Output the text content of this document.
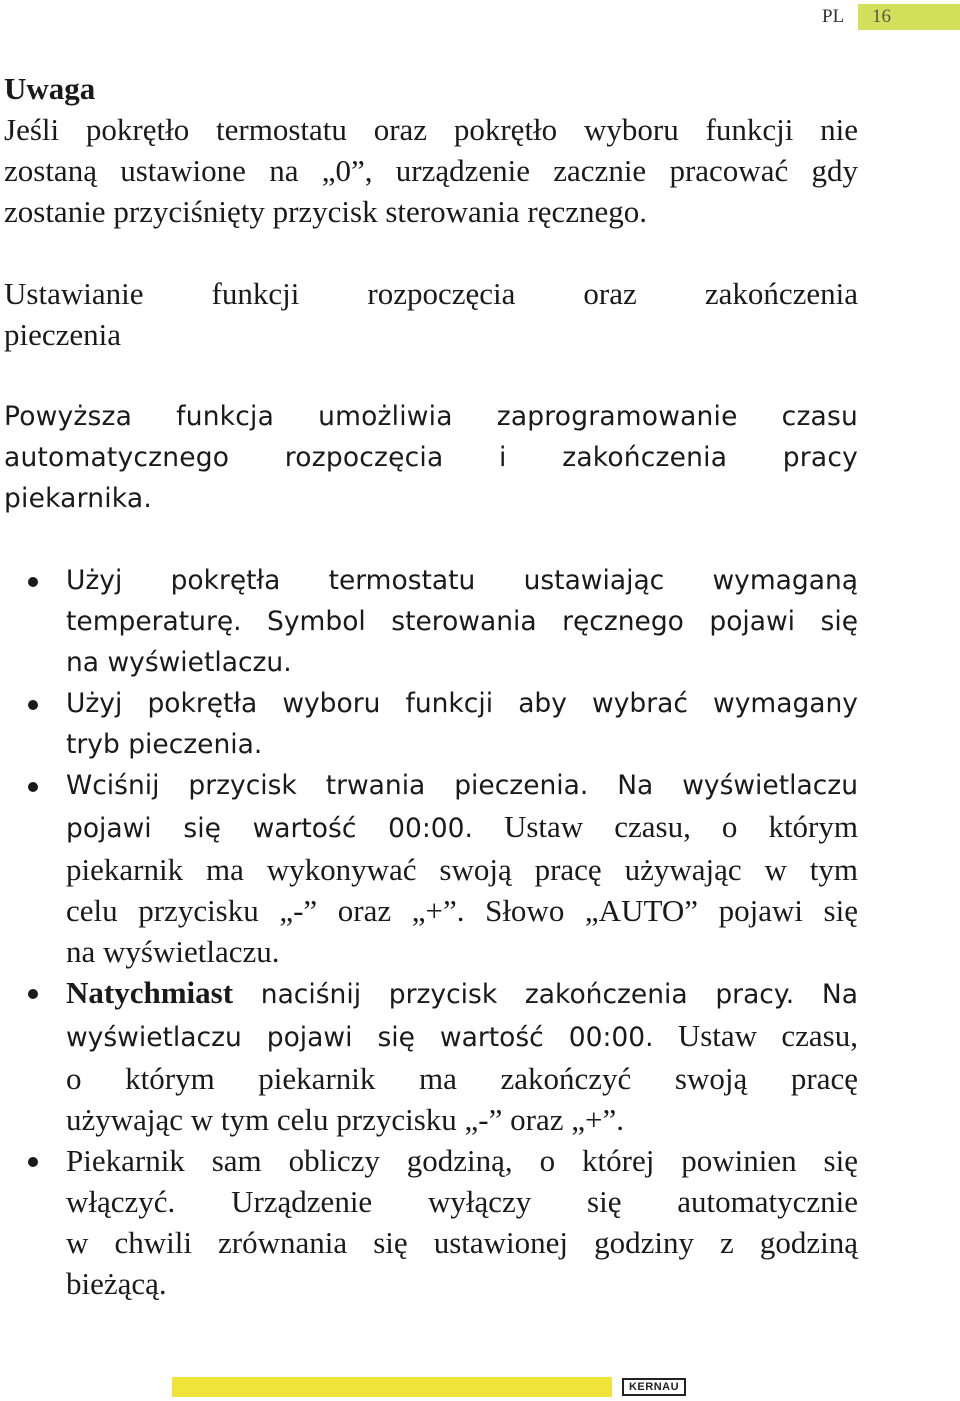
PL 16

Uwaga

Jeśli pokrętło termostatu oraz pokrętło wyboru funkcji nie

zostaną ustawione na „0”, urządzenie zacznie pracować gdy

zostanie przyciśnięty przycisk sterowania ręcznego.

Ustawianie funkcji rozpoczęcia oraz zakończenia

pieczenia

Powyższa funkcja umożliwia zaprogramowanie czasu

automatycznego rozpoczęcia i zakończenia pracy

piekarnika.

Użyj pokrętła termostatu ustawiając wymaganą

temperaturę. Symbol sterowania ręcznego pojawi się

na wyświetlaczu.

Użyj pokrętła wyboru funkcji aby wybrać wymagany

tryb pieczenia.

Wciśnij przycisk trwania pieczenia. Na wyświetlaczu

pojawi się wartość 00:00. Ustaw czasu, o którym

piekarnik ma wykonywać swoją pracę używając w tym

celu przycisku „-” oraz „+”. Słowo „AUTO” pojawi się

na wyświetlaczu.

Natychmiast naciśnij przycisk zakończenia pracy. Na

wyświetlaczu pojawi się wartość 00:00. Ustaw czasu,

o którym piekarnik ma zakończyć swoją pracę

używając w tym celu przycisku „-” oraz „+”.

Piekarnik sam obliczy godziną, o której powinien się

włączyć. Urządzenie wyłączy się automatycznie

w chwili zrównania się ustawionej godziny z godziną

bieżącą.

KERNAU
